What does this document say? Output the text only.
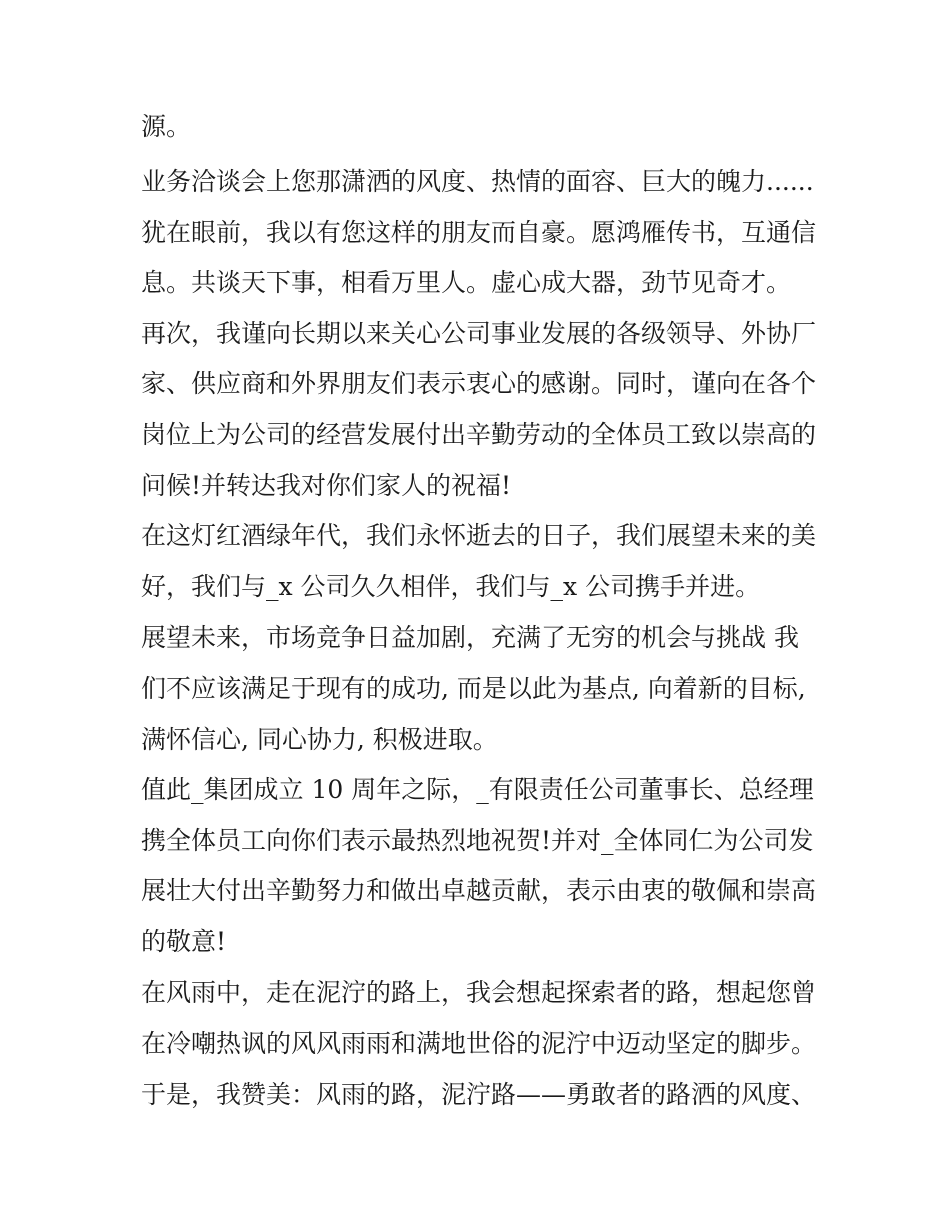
源。
业务洽谈会上您那潇洒的风度、热情的面容、巨大的魄力......
犹在眼前，我以有您这样的朋友而自豪。愿鸿雁传书，互通信
息。共谈天下事，相看万里人。虚心成大器，劲节见奇才。
再次，我谨向长期以来关心公司事业发展的各级领导、外协厂
家、供应商和外界朋友们表示衷心的感谢。同时，谨向在各个
岗位上为公司的经营发展付出辛勤劳动的全体员工致以崇高的
问候!并转达我对你们家人的祝福!
在这灯红酒绿年代，我们永怀逝去的日子，我们展望未来的美
好，我们与_x 公司久久相伴，我们与_x 公司携手并进。
展望未来，市场竞争日益加剧，充满了无穷的机会与挑战 我
们不应该满足于现有的成功, 而是以此为基点, 向着新的目标,
满怀信心, 同心协力, 积极进取。
值此_集团成立 10 周年之际，_有限责任公司董事长、总经理
携全体员工向你们表示最热烈地祝贺!并对_全体同仁为公司发
展壮大付出辛勤努力和做出卓越贡献，表示由衷的敬佩和崇高
的敬意!
在风雨中，走在泥泞的路上，我会想起探索者的路，想起您曾
在冷嘲热讽的风风雨雨和满地世俗的泥泞中迈动坚定的脚步。
于是，我赞美：风雨的路，泥泞路——勇敢者的路洒的风度、
